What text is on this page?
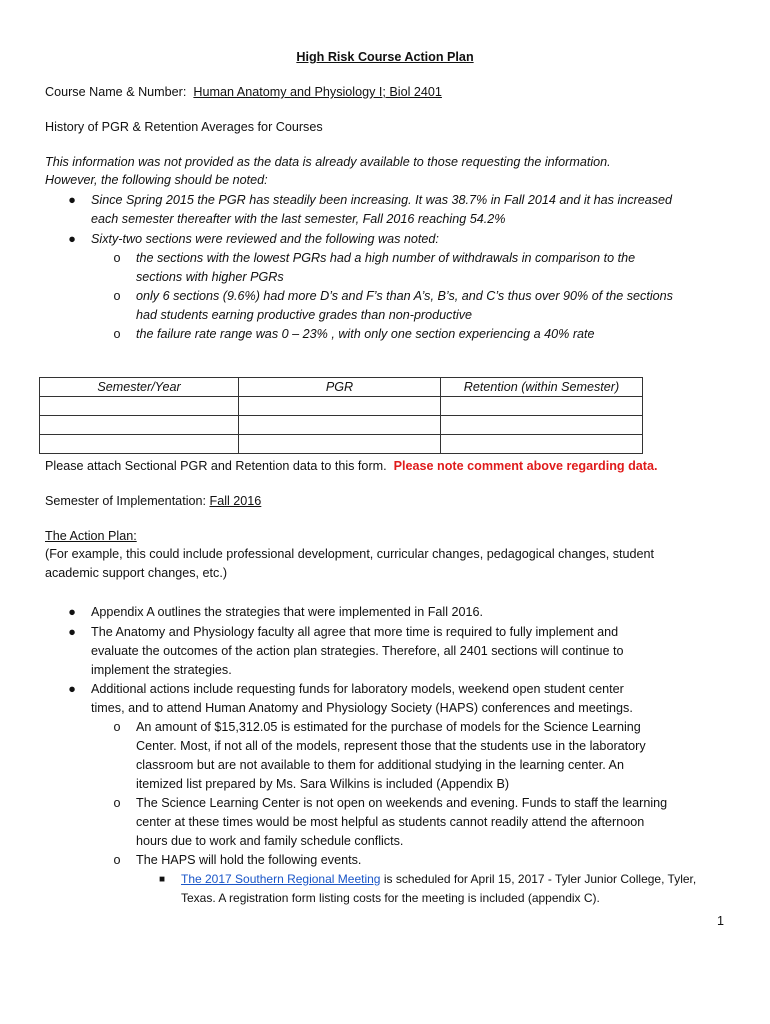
High Risk Course Action Plan
Course Name & Number: Human Anatomy and Physiology I; Biol 2401
History of PGR & Retention Averages for Courses
This information was not provided as the data is already available to those requesting the information.
However, the following should be noted:
● Since Spring 2015 the PGR has steadily been increasing. It was 38.7% in Fall 2014 and it has increased
each semester thereafter with the last semester, Fall 2016 reaching 54.2%
● Sixty-two sections were reviewed and the following was noted:
o the sections with the lowest PGRs had a high number of withdrawals in comparison to the
sections with higher PGRs
o only 6 sections (9.6%) had more D’s and F’s than A’s, B’s, and C’s thus over 90% of the sections
had students earning productive grades than non-productive
o the failure rate range was 0 – 23% , with only one section experiencing a 40% rate
Semester/Year	PGR	Retention (within Semester)

Please attach Sectional PGR and Retention data to this form. Please note comment above regarding data.
Semester of Implementation: Fall 2016
The Action Plan:
(For example, this could include professional development, curricular changes, pedagogical changes, student
academic support changes, etc.)
● Appendix A outlines the strategies that were implemented in Fall 2016.
● The Anatomy and Physiology faculty all agree that more time is required to fully implement and
evaluate the outcomes of the action plan strategies. Therefore, all 2401 sections will continue to
implement the strategies.
● Additional actions include requesting funds for laboratory models, weekend open student center
times, and to attend Human Anatomy and Physiology Society (HAPS) conferences and meetings.
o An amount of $15,312.05 is estimated for the purchase of models for the Science Learning
Center. Most, if not all of the models, represent those that the students use in the laboratory
classroom but are not available to them for additional studying in the learning center. An
itemized list prepared by Ms. Sara Wilkins is included (Appendix B)
o The Science Learning Center is not open on weekends and evening. Funds to staff the learning
center at these times would be most helpful as students cannot readily attend the afternoon
hours due to work and family schedule conflicts.
o The HAPS will hold the following events.
■ The 2017 Southern Regional Meeting is scheduled for April 15, 2017 - Tyler Junior College, Tyler,
Texas. A registration form listing costs for the meeting is included (appendix C).
1
